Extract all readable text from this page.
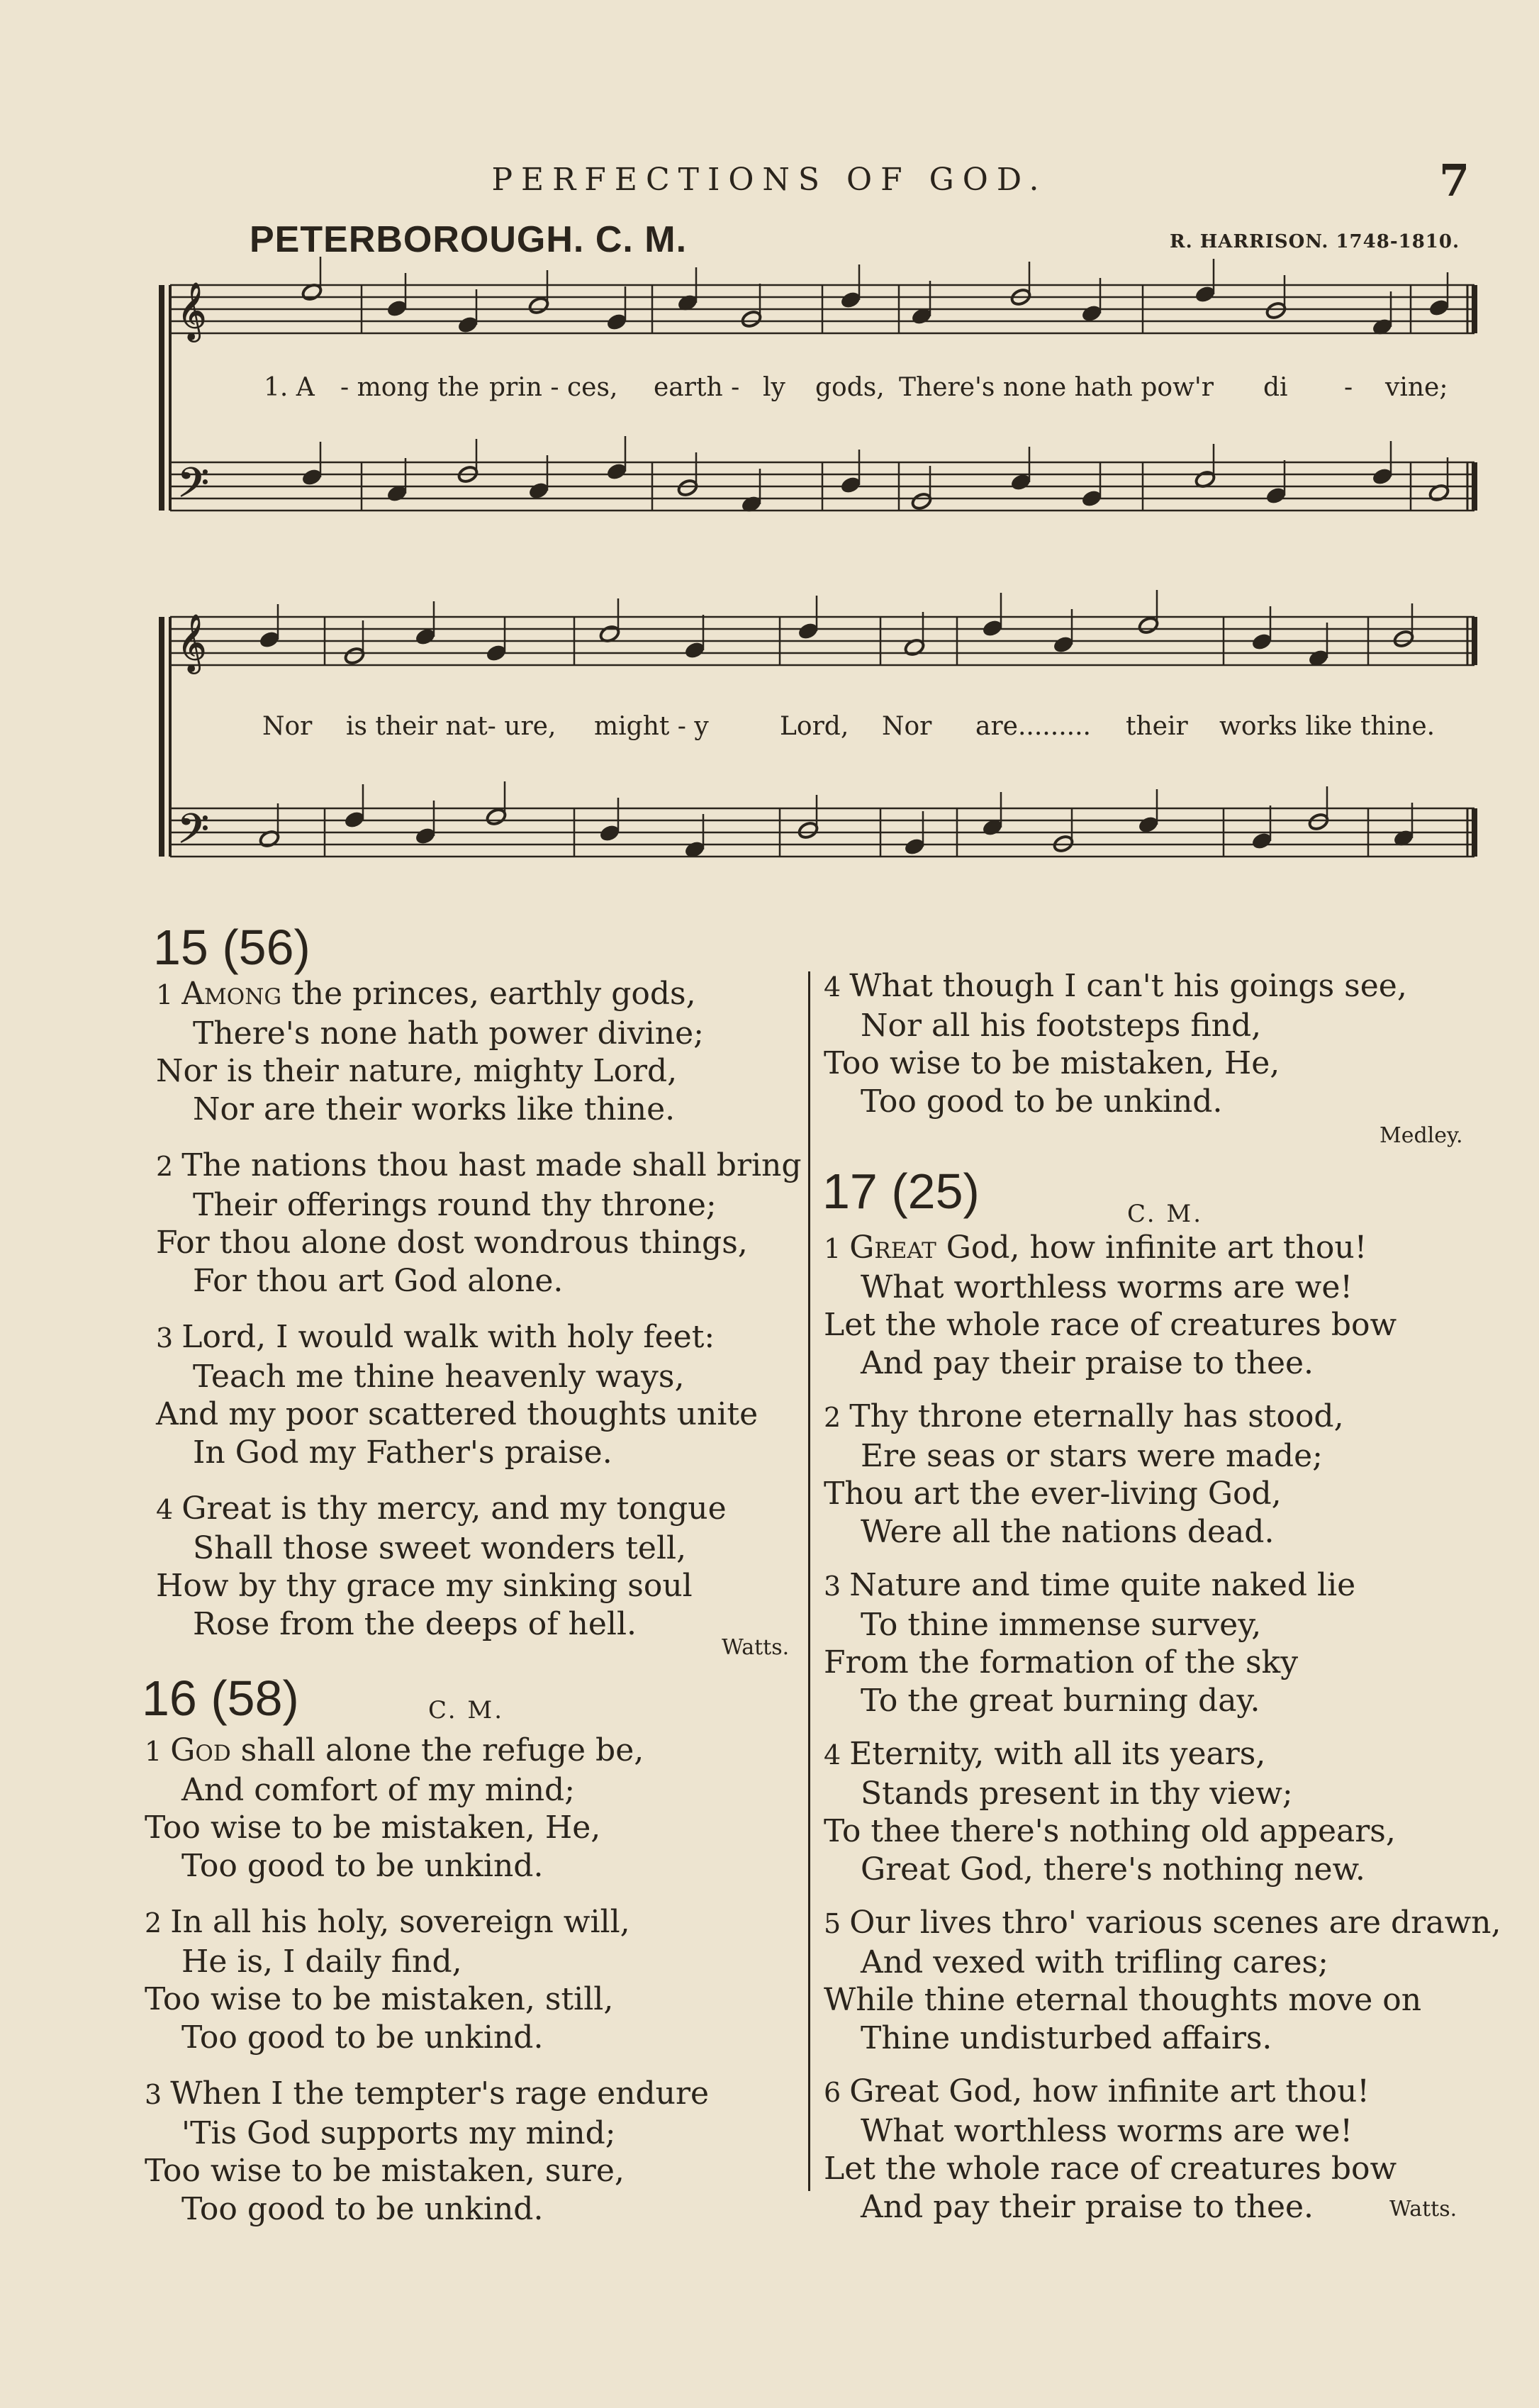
PERFECTIONS OF GOD.	7
PETERBOROUGH. C. M.	R. HARRISON. 1748-1810.
𝄞
𝄢
𝄞
𝄢
1. A - mong the prin - ces, earth - ly gods, There's none hath pow'r di - vine;
Nor is their nat- ure, might - y	Lord, Nor are......... their works like thine.
15 (56)
1 Among the princes, earthly gods,
There's none hath power divine;
Nor is their nature, mighty Lord,
Nor are their works like thine.
2 The nations thou hast made shall bring
Their offerings round thy throne;
For thou alone dost wondrous things,
For thou art God alone.
3 Lord, I would walk with holy feet:
Teach me thine heavenly ways,
And my poor scattered thoughts unite
In God my Father's praise.
4 Great is thy mercy, and my tongue
Shall those sweet wonders tell,
How by thy grace my sinking soul
Rose from the deeps of hell.
Watts.
16 (58)	C. M.
1 God shall alone the refuge be,
And comfort of my mind;
Too wise to be mistaken, He,
Too good to be unkind.
2 In all his holy, sovereign will,
He is, I daily find,
Too wise to be mistaken, still,
Too good to be unkind.
3 When I the tempter's rage endure
'Tis God supports my mind;
Too wise to be mistaken, sure,
Too good to be unkind.
4 What though I can't his goings see,
Nor all his footsteps find,
Too wise to be mistaken, He,
Too good to be unkind.
Medley.
17 (25)	C. M.
1 Great God, how infinite art thou!
What worthless worms are we!
Let the whole race of creatures bow
And pay their praise to thee.
2 Thy throne eternally has stood,
Ere seas or stars were made;
Thou art the ever-living God,
Were all the nations dead.
3 Nature and time quite naked lie
To thine immense survey,
From the formation of the sky
To the great burning day.
4 Eternity, with all its years,
Stands present in thy view;
To thee there's nothing old appears,
Great God, there's nothing new.
5 Our lives thro' various scenes are drawn,
And vexed with trifling cares;
While thine eternal thoughts move on
Thine undisturbed affairs.
6 Great God, how infinite art thou!
What worthless worms are we!
Let the whole race of creatures bow
And pay their praise to thee.	Watts.
